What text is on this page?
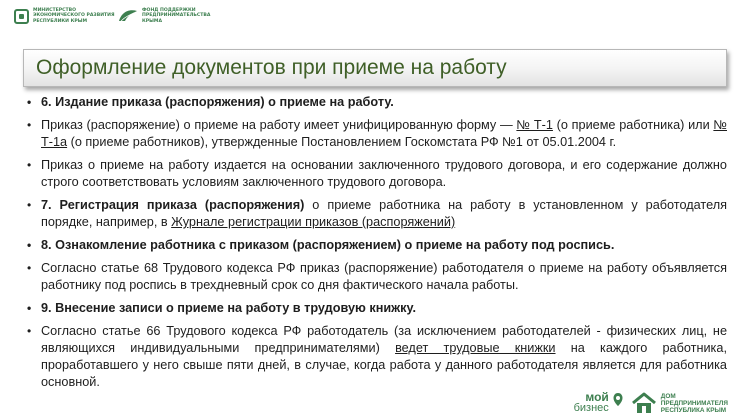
МИНИСТЕРСТВО
ЭКОНОМИЧЕСКОГО РАЗВИТИЯ
РЕСПУБЛИКИ КРЫМ
ФОНД ПОДДЕРЖКИ
ПРЕДПРИНИМАТЕЛЬСТВА
КРЫМА
Оформление документов при приеме на работу
• 6. Издание приказа (распоряжения) о приеме на работу.
• Приказ (распоряжение) о приеме на работу имеет унифицированную форму — № Т-1 (о приеме работника) или № Т-1а (о приеме работников), утвержденные Постановлением Госкомстата РФ №1 от 05.01.2004 г.
• Приказ о приеме на работу издается на основании заключенного трудового договора, и его содержание должно строго соответствовать условиям заключенного трудового договора.
• 7. Регистрация приказа (распоряжения) о приеме работника на работу в установленном у работодателя порядке, например, в Журнале регистрации приказов (распоряжений)
• 8. Ознакомление работника с приказом (распоряжением) о приеме на работу под роспись.
• Согласно статье 68 Трудового кодекса РФ приказ (распоряжение) работодателя о приеме на работу объявляется работнику под роспись в трехдневный срок со дня фактического начала работы.
• 9. Внесение записи о приеме на работу в трудовую книжку.
• Согласно статье 66 Трудового кодекса РФ работодатель (за исключением работодателей - физических лиц, не являющихся индивидуальными предпринимателями) ведет трудовые книжки на каждого работника, проработавшего у него свыше пяти дней, в случае, когда работа у данного работодателя является для работника основной.
мой
бизнес
ДОМ
ПРЕДПРИНИМАТЕЛЯ
РЕСПУБЛИКА КРЫМ
